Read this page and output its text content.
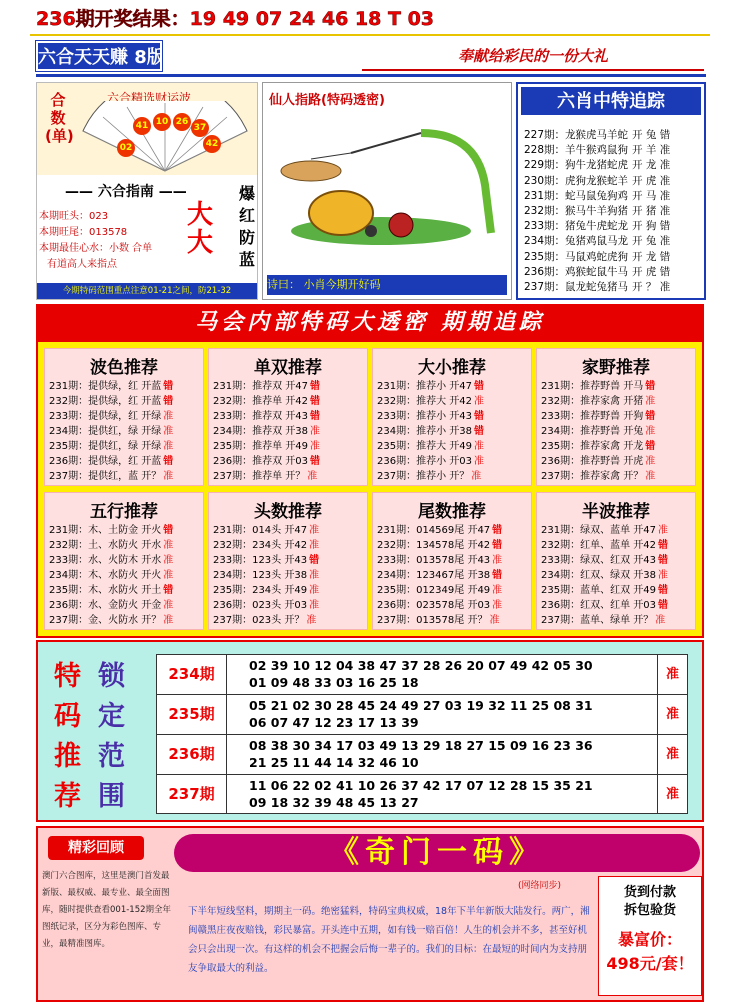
236期开奖结果：19 49 07 24 46 18 T 03
六合天天赚 8版	奉献给彩民的一份大礼
合数(单)
六合精选财运波
02
41 10 26
37
42
—— 六合指南 ——
本期旺头：023
本期旺尾：013578
本期最佳心水：小数 合单
有道高人来指点
大大
爆红防蓝
今期特码范围重点注意01-21之间，防21-32
仙人指路(特码透密)
诗曰： 小肖今期开好码
六肖中特追踪
227期：龙猴虎马羊蛇 开 兔 错
228期：羊牛猴鸡鼠狗 开 羊 准
229期：狗牛龙猪蛇虎 开 龙 准
230期：虎狗龙猴蛇羊 开 虎 准
231期：蛇马鼠兔狗鸡 开 马 准
232期：猴马牛羊狗猪 开 猪 准
233期：猪兔牛虎蛇龙 开 狗 错
234期：兔猪鸡鼠马龙 开 兔 准
235期：马鼠鸡蛇虎狗 开 龙 错
236期：鸡猴蛇鼠牛马 开 虎 错
237期：鼠龙蛇兔猪马 开 ？ 准
马会内部特码大透密 期期追踪
波色推荐
231期：提供绿，红 开蓝 错
232期：提供绿，红 开蓝 错
233期：提供绿，红 开绿 准
234期：提供红，绿 开绿 准
235期：提供红，绿 开绿 准
236期：提供绿，红 开蓝 错
237期：提供红，蓝 开？ 准
单双推荐
231期：推荐双 开47 错
232期：推荐单 开42 错
233期：推荐双 开43 错
234期：推荐双 开38 准
235期：推荐单 开49 准
236期：推荐双 开03 错
237期：推荐单 开？ 准
大小推荐
231期：推荐小 开47 错
232期：推荐大 开42 准
233期：推荐小 开43 错
234期：推荐小 开38 错
235期：推荐大 开49 准
236期：推荐小 开03 准
237期：推荐小 开？ 准
家野推荐
231期：推荐野兽 开马 错
232期：推荐家禽 开猪 准
233期：推荐野兽 开狗 错
234期：推荐野兽 开兔 准
235期：推荐家禽 开龙 错
236期：推荐野兽 开虎 准
237期：推荐家禽 开？ 准
五行推荐
231期：木、土防金 开火 错
232期：土、水防火 开水 准
233期：水、火防木 开水 准
234期：木、水防火 开火 准
235期：木、水防火 开土 错
236期：水、金防火 开金 准
237期：金、火防水 开？ 准
头数推荐
231期：014头 开47 准
232期：234头 开42 准
233期：123头 开43 错
234期：123头 开38 准
235期：234头 开49 准
236期：023头 开03 准
237期：023头 开？ 准
尾数推荐
231期：014569尾 开47 错
232期：134578尾 开42 错
233期：013578尾 开43 准
234期：123467尾 开38 错
235期：012349尾 开49 准
236期：023578尾 开03 准
237期：013578尾 开？ 准
半波推荐
231期：绿双、蓝单 开47 准
232期：红单、蓝单 开42 错
233期：绿双、红双 开43 错
234期：红双、绿双 开38 准
235期：蓝单、红双 开49 错
236期：红双、红单 开03 错
237期：蓝单、绿单 开？ 准
特
码
推
荐
锁
定
范
围
234期	02 39 10 12 04 38 47 37 28 26 20 07 49 42 05 30
01 09 48 33 03 16 25 18
准
235期	05 21 02 30 28 45 24 49 27 03 19 32 11 25 08 31
06 07 47 12 23 17 13 39
准
236期	08 38 30 34 17 03 49 13 29 18 27 15 09 16 23 36
21 25 11 44 14 32 46 10
准
237期	11 06 22 02 41 10 26 37 42 17 07 12 28 15 35 21
09 18 32 39 48 45 13 27
准
精彩回顾
澳门六合图库，这里是澳门首发最新版、最权威、最专业、最全面图库，随时提供查看001-152期全年图纸记录，区分为彩色图库、专业，最精准图库。
《奇门一码》
(网络同步)
下半年短线坚料，期期主一码。绝密猛料，特码宝典权威，18年下半年新版大陆发行。两广，湘闽赣黑庄夜夜赔钱，彩民暴富。开头连中五期，如有钱一赔百倍！人生的机会并不多，甚至好机会只会出现一次。有这样的机会不把握会后悔一辈子的。我们的目标：在最短的时间内为支持朋友争取最大的利益。
货到付款
拆包验货
暴富价：
498元/套！
